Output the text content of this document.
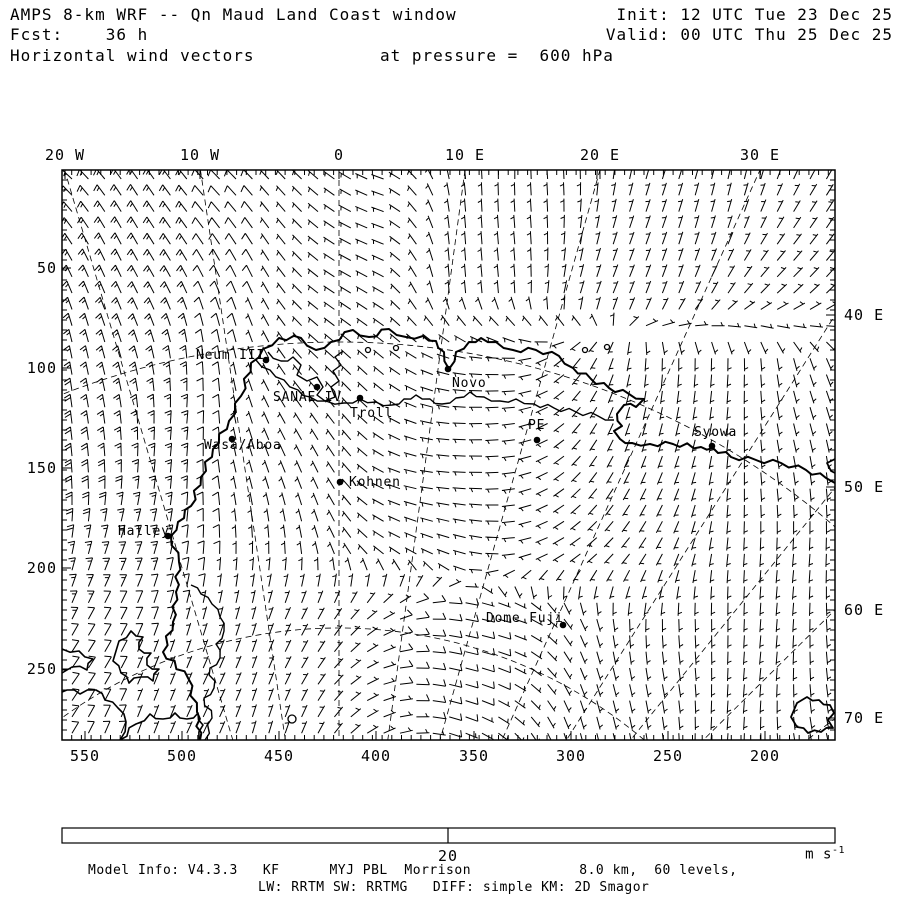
AMPS 8-km WRF -- Qn Maud Land Coast window
Fcst:    36 h
Horizontal wind vectors	at pressure =  600 hPa
Init: 12 UTC Tue 23 Dec 25
Valid: 00 UTC Thu 25 Dec 25
20	m $s^{-1}$
Model Info: V4.3.3   KF      MYJ PBL  Morrison             8.0 km,  60 levels,
LW: RRTM SW: RRTMG   DIFF: simple KM: 2D Smagor
20 W	10 W	0	10 E	20 E	30 E
550	500	450	400	350	300	250	200
50
100
150
200
250
40 E
50 E
60 E
70 E
Neum III
SANAE IV
Troll
Novo
Wasa/Aboa
Kohnen
Halley
PE	Syowa
Dome Fuji
